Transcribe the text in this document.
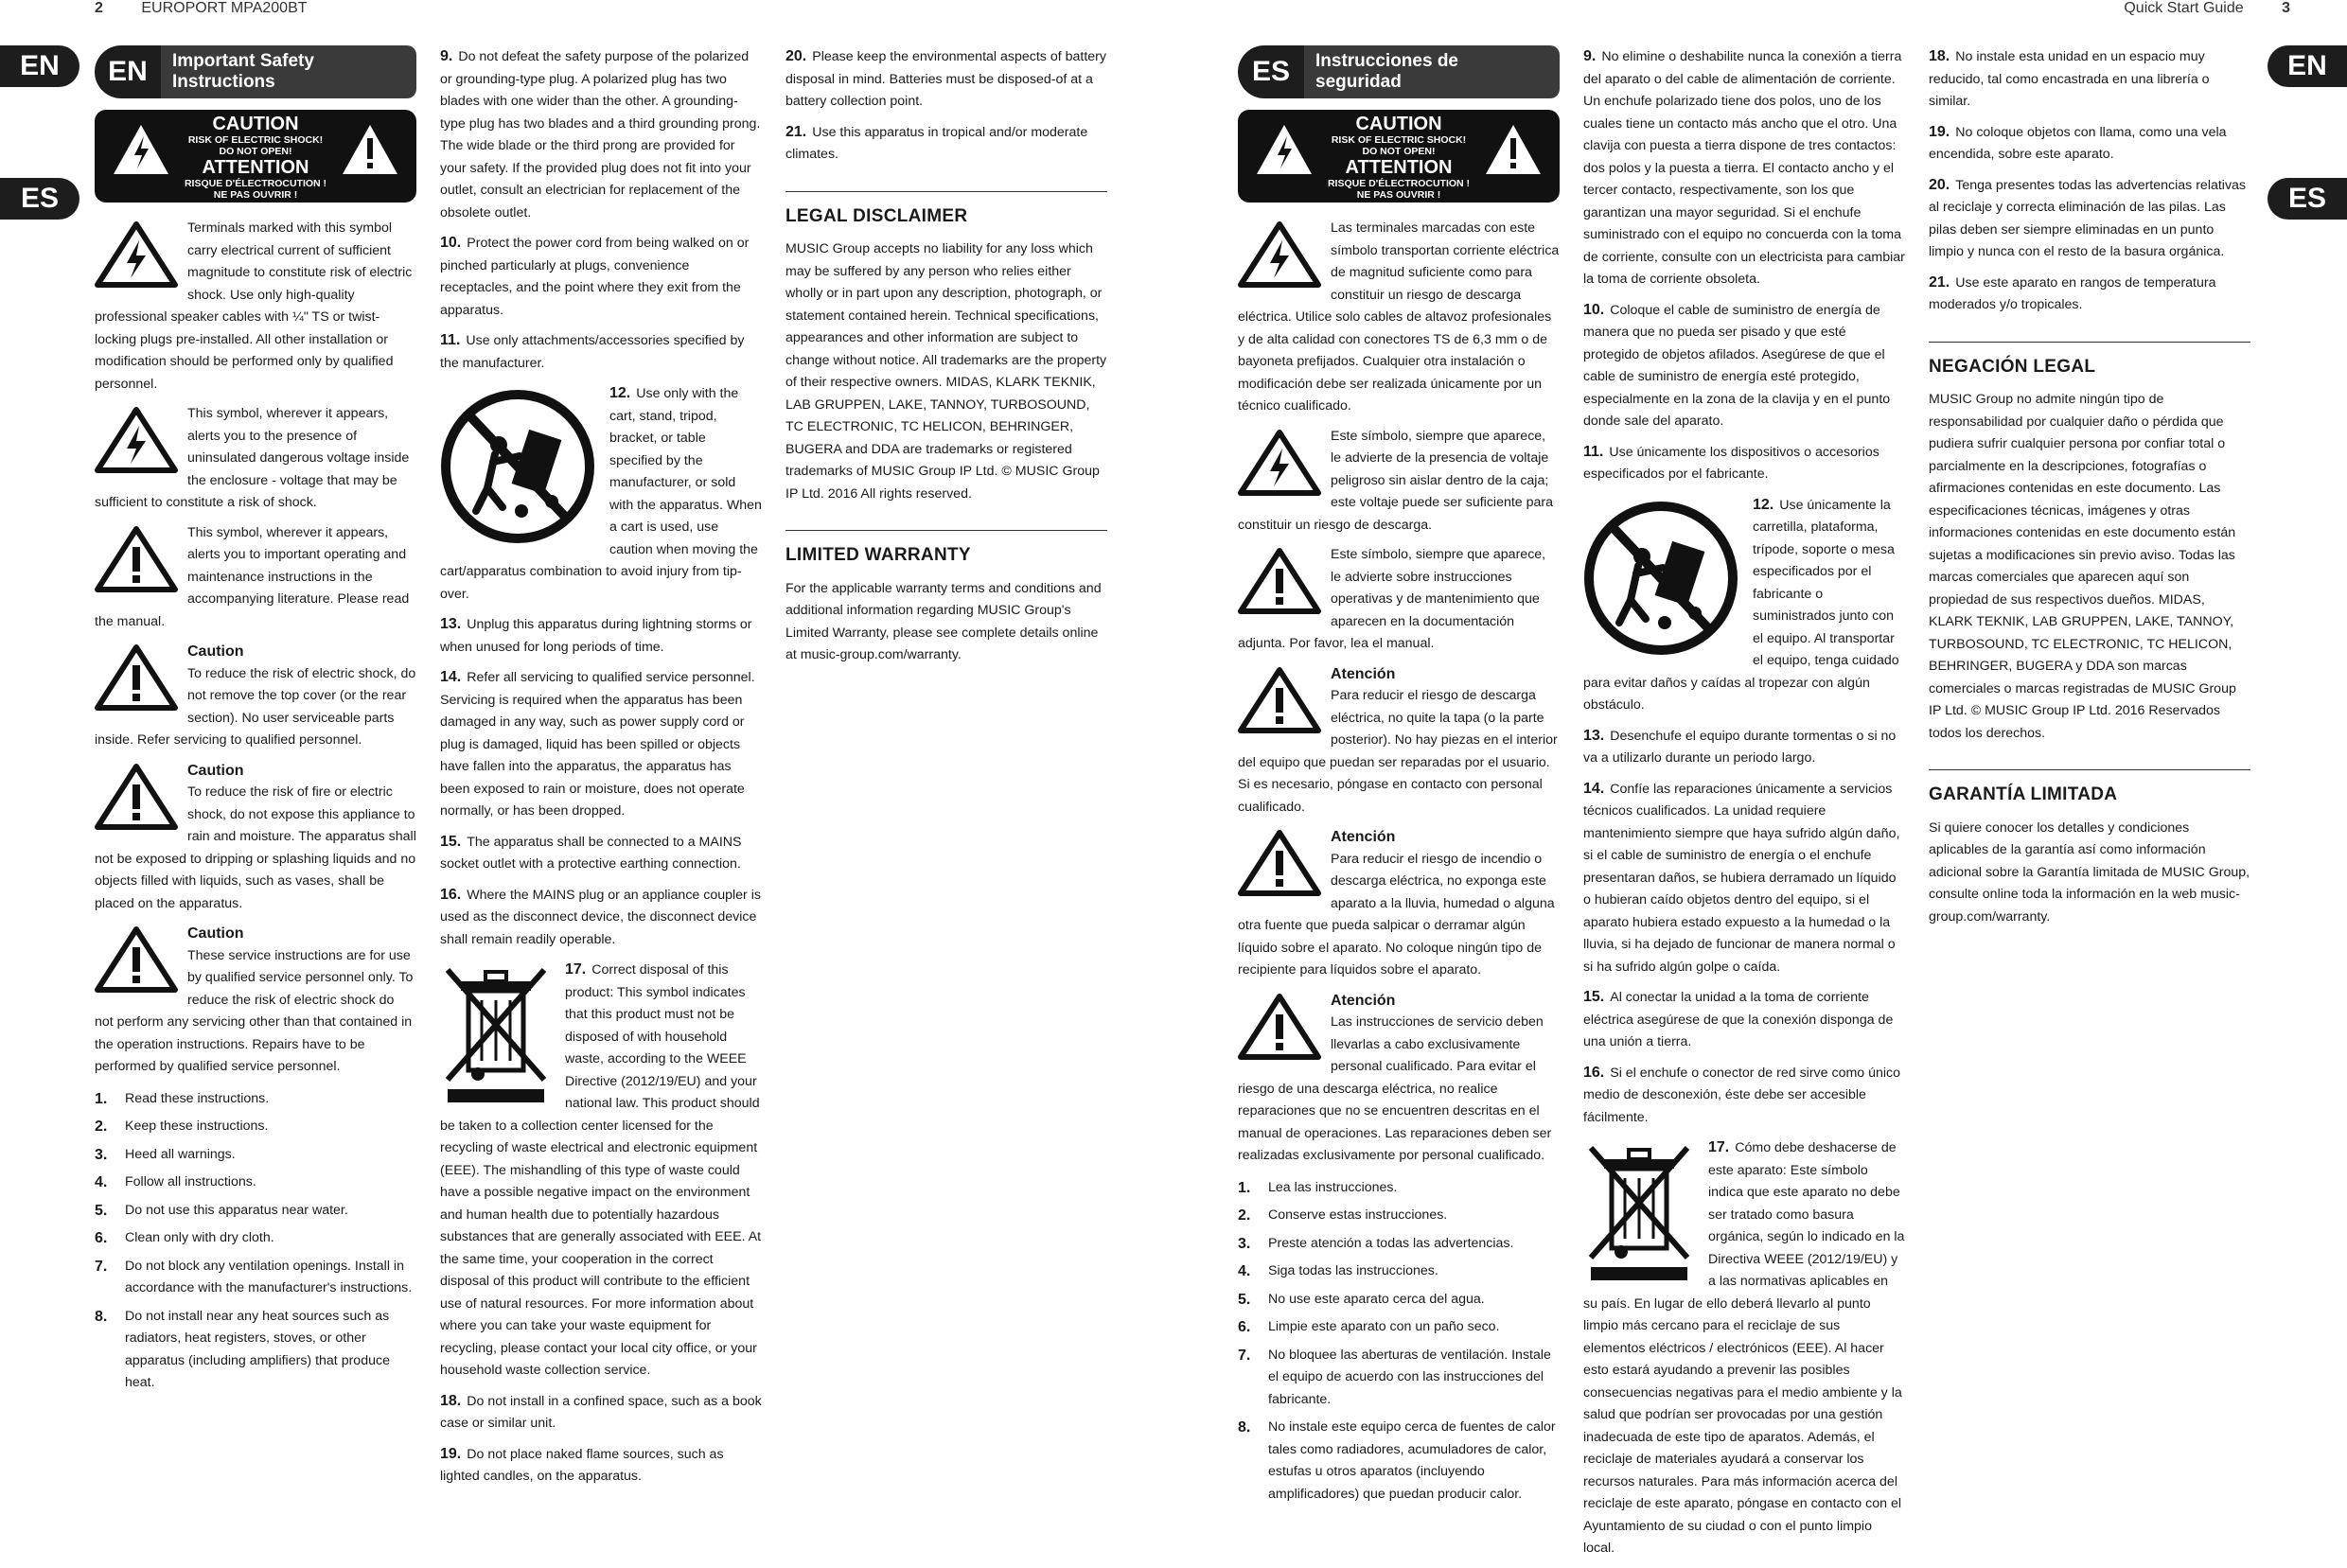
2	EUROPORT MPA200BT
EN
ES
EN	Important Safety Instructions
CAUTION
RISK OF ELECTRIC SHOCK!
DO NOT OPEN!
ATTENTION
RISQUE D'ÉLECTROCUTION !
NE PAS OUVRIR !
Terminals marked with this symbol carry electrical current of sufficient magnitude to constitute risk of electric shock. Use only high-quality professional speaker cables with ¼" TS or twist-locking plugs pre-installed. All other installation or modification should be performed only by qualified personnel.
This symbol, wherever it appears, alerts you to the presence of uninsulated dangerous voltage inside the enclosure - voltage that may be sufficient to constitute a risk of shock.
This symbol, wherever it appears, alerts you to important operating and maintenance instructions in the accompanying literature. Please read the manual.
Caution
To reduce the risk of electric shock, do not remove the top cover (or the rear section). No user serviceable parts inside. Refer servicing to qualified personnel.
Caution
To reduce the risk of fire or electric shock, do not expose this appliance to rain and moisture. The apparatus shall not be exposed to dripping or splashing liquids and no objects filled with liquids, such as vases, shall be placed on the apparatus.
Caution
These service instructions are for use by qualified service personnel only. To reduce the risk of electric shock do not perform any servicing other than that contained in the operation instructions. Repairs have to be performed by qualified service personnel.
1.	Read these instructions.
2.	Keep these instructions.
3.	Heed all warnings.
4.	Follow all instructions.
5.	Do not use this apparatus near water.
6.	Clean only with dry cloth.
7.	Do not block any ventilation openings. Install in accordance with the manufacturer's instructions.
8.	Do not install near any heat sources such as radiators, heat registers, stoves, or other apparatus (including amplifiers) that produce heat.
9. Do not defeat the safety purpose of the polarized or grounding-type plug. A polarized plug has two blades with one wider than the other. A grounding-type plug has two blades and a third grounding prong. The wide blade or the third prong are provided for your safety. If the provided plug does not fit into your outlet, consult an electrician for replacement of the obsolete outlet.
10. Protect the power cord from being walked on or pinched particularly at plugs, convenience receptacles, and the point where they exit from the apparatus.
11. Use only attachments/accessories specified by the manufacturer.
12. Use only with the cart, stand, tripod, bracket, or table specified by the manufacturer, or sold with the apparatus. When a cart is used, use caution when moving the cart/apparatus combination to avoid injury from tip-over.
13. Unplug this apparatus during lightning storms or when unused for long periods of time.
14. Refer all servicing to qualified service personnel. Servicing is required when the apparatus has been damaged in any way, such as power supply cord or plug is damaged, liquid has been spilled or objects have fallen into the apparatus, the apparatus has been exposed to rain or moisture, does not operate normally, or has been dropped.
15. The apparatus shall be connected to a MAINS socket outlet with a protective earthing connection.
16. Where the MAINS plug or an appliance coupler is used as the disconnect device, the disconnect device shall remain readily operable.
17. Correct disposal of this product: This symbol indicates that this product must not be disposed of with household waste, according to the WEEE Directive (2012/19/EU) and your national law. This product should be taken to a collection center licensed for the recycling of waste electrical and electronic equipment (EEE). The mishandling of this type of waste could have a possible negative impact on the environment and human health due to potentially hazardous substances that are generally associated with EEE. At the same time, your cooperation in the correct disposal of this product will contribute to the efficient use of natural resources. For more information about where you can take your waste equipment for recycling, please contact your local city office, or your household waste collection service.
18. Do not install in a confined space, such as a book case or similar unit.
19. Do not place naked flame sources, such as lighted candles, on the apparatus.
20. Please keep the environmental aspects of battery disposal in mind. Batteries must be disposed-of at a battery collection point.
21. Use this apparatus in tropical and/or moderate climates.
LEGAL DISCLAIMER

MUSIC Group accepts no liability for any loss which may be suffered by any person who relies either wholly or in part upon any description, photograph, or statement contained herein. Technical specifications, appearances and other information are subject to change without notice. All trademarks are the property of their respective owners. MIDAS, KLARK TEKNIK, LAB GRUPPEN, LAKE, TANNOY, TURBOSOUND, TC ELECTRONIC, TC HELICON, BEHRINGER, BUGERA and DDA are trademarks or registered trademarks of MUSIC Group IP Ltd. © MUSIC Group IP Ltd. 2016 All rights reserved.

LIMITED WARRANTY

For the applicable warranty terms and conditions and additional information regarding MUSIC Group's Limited Warranty, please see complete details online at music-group.com/warranty.

Quick Start Guide	3
EN
ES
ES	Instrucciones de seguridad
CAUTION
RISK OF ELECTRIC SHOCK!
DO NOT OPEN!
ATTENTION
RISQUE D'ÉLECTROCUTION !
NE PAS OUVRIR !
Las terminales marcadas con este símbolo transportan corriente eléctrica de magnitud suficiente como para constituir un riesgo de descarga eléctrica. Utilice solo cables de altavoz profesionales y de alta calidad con conectores TS de 6,3 mm o de bayoneta prefijados. Cualquier otra instalación o modificación debe ser realizada únicamente por un técnico cualificado.
Este símbolo, siempre que aparece, le advierte de la presencia de voltaje peligroso sin aislar dentro de la caja; este voltaje puede ser suficiente para constituir un riesgo de descarga.
Este símbolo, siempre que aparece, le advierte sobre instrucciones operativas y de mantenimiento que aparecen en la documentación adjunta. Por favor, lea el manual.
Atención
Para reducir el riesgo de descarga eléctrica, no quite la tapa (o la parte posterior). No hay piezas en el interior del equipo que puedan ser reparadas por el usuario. Si es necesario, póngase en contacto con personal cualificado.
Atención
Para reducir el riesgo de incendio o descarga eléctrica, no exponga este aparato a la lluvia, humedad o alguna otra fuente que pueda salpicar o derramar algún líquido sobre el aparato. No coloque ningún tipo de recipiente para líquidos sobre el aparato.
Atención
Las instrucciones de servicio deben llevarlas a cabo exclusivamente personal cualificado. Para evitar el riesgo de una descarga eléctrica, no realice reparaciones que no se encuentren descritas en el manual de operaciones. Las reparaciones deben ser realizadas exclusivamente por personal cualificado.
1.	Lea las instrucciones.
2.	Conserve estas instrucciones.
3.	Preste atención a todas las advertencias.
4.	Siga todas las instrucciones.
5.	No use este aparato cerca del agua.
6.	Limpie este aparato con un paño seco.
7.	No bloquee las aberturas de ventilación. Instale el equipo de acuerdo con las instrucciones del fabricante.
8.	No instale este equipo cerca de fuentes de calor tales como radiadores, acumuladores de calor, estufas u otros aparatos (incluyendo amplificadores) que puedan producir calor.
9. No elimine o deshabilite nunca la conexión a tierra del aparato o del cable de alimentación de corriente. Un enchufe polarizado tiene dos polos, uno de los cuales tiene un contacto más ancho que el otro. Una clavija con puesta a tierra dispone de tres contactos: dos polos y la puesta a tierra. El contacto ancho y el tercer contacto, respectivamente, son los que garantizan una mayor seguridad. Si el enchufe suministrado con el equipo no concuerda con la toma de corriente, consulte con un electricista para cambiar la toma de corriente obsoleta.
10. Coloque el cable de suministro de energía de manera que no pueda ser pisado y que esté protegido de objetos afilados. Asegúrese de que el cable de suministro de energía esté protegido, especialmente en la zona de la clavija y en el punto donde sale del aparato.
11. Use únicamente los dispositivos o accesorios especificados por el fabricante.
12. Use únicamente la carretilla, plataforma, trípode, soporte o mesa especificados por el fabricante o suministrados junto con el equipo. Al transportar el equipo, tenga cuidado para evitar daños y caídas al tropezar con algún obstáculo.
13. Desenchufe el equipo durante tormentas o si no va a utilizarlo durante un periodo largo.
14. Confíe las reparaciones únicamente a servicios técnicos cualificados. La unidad requiere mantenimiento siempre que haya sufrido algún daño, si el cable de suministro de energía o el enchufe presentaran daños, se hubiera derramado un líquido o hubieran caído objetos dentro del equipo, si el aparato hubiera estado expuesto a la humedad o la lluvia, si ha dejado de funcionar de manera normal o si ha sufrido algún golpe o caída.
15. Al conectar la unidad a la toma de corriente eléctrica asegúrese de que la conexión disponga de una unión a tierra.
16. Si el enchufe o conector de red sirve como único medio de desconexión, éste debe ser accesible fácilmente.
17. Cómo debe deshacerse de este aparato: Este símbolo indica que este aparato no debe ser tratado como basura orgánica, según lo indicado en la Directiva WEEE (2012/19/EU) y a las normativas aplicables en su país. En lugar de ello deberá llevarlo al punto limpio más cercano para el reciclaje de sus elementos eléctricos / electrónicos (EEE). Al hacer esto estará ayudando a prevenir las posibles consecuencias negativas para el medio ambiente y la salud que podrían ser provocadas por una gestión inadecuada de este tipo de aparatos. Además, el reciclaje de materiales ayudará a conservar los recursos naturales. Para más información acerca del reciclaje de este aparato, póngase en contacto con el Ayuntamiento de su ciudad o con el punto limpio local.
18. No instale esta unidad en un espacio muy reducido, tal como encastrada en una librería o similar.
19. No coloque objetos con llama, como una vela encendida, sobre este aparato.
20. Tenga presentes todas las advertencias relativas al reciclaje y correcta eliminación de las pilas. Las pilas deben ser siempre eliminadas en un punto limpio y nunca con el resto de la basura orgánica.
21. Use este aparato en rangos de temperatura moderados y/o tropicales.
NEGACIÓN LEGAL

MUSIC Group no admite ningún tipo de responsabilidad por cualquier daño o pérdida que pudiera sufrir cualquier persona por confiar total o parcialmente en la descripciones, fotografías o afirmaciones contenidas en este documento. Las especificaciones técnicas, imágenes y otras informaciones contenidas en este documento están sujetas a modificaciones sin previo aviso. Todas las marcas comerciales que aparecen aquí son propiedad de sus respectivos dueños. MIDAS, KLARK TEKNIK, LAB GRUPPEN, LAKE, TANNOY, TURBOSOUND, TC ELECTRONIC, TC HELICON, BEHRINGER, BUGERA y DDA son marcas comerciales o marcas registradas de MUSIC Group IP Ltd. © MUSIC Group IP Ltd. 2016 Reservados todos los derechos.

GARANTÍA LIMITADA

Si quiere conocer los detalles y condiciones aplicables de la garantía así como información adicional sobre la Garantía limitada de MUSIC Group, consulte online toda la información en la web music-group.com/warranty.
